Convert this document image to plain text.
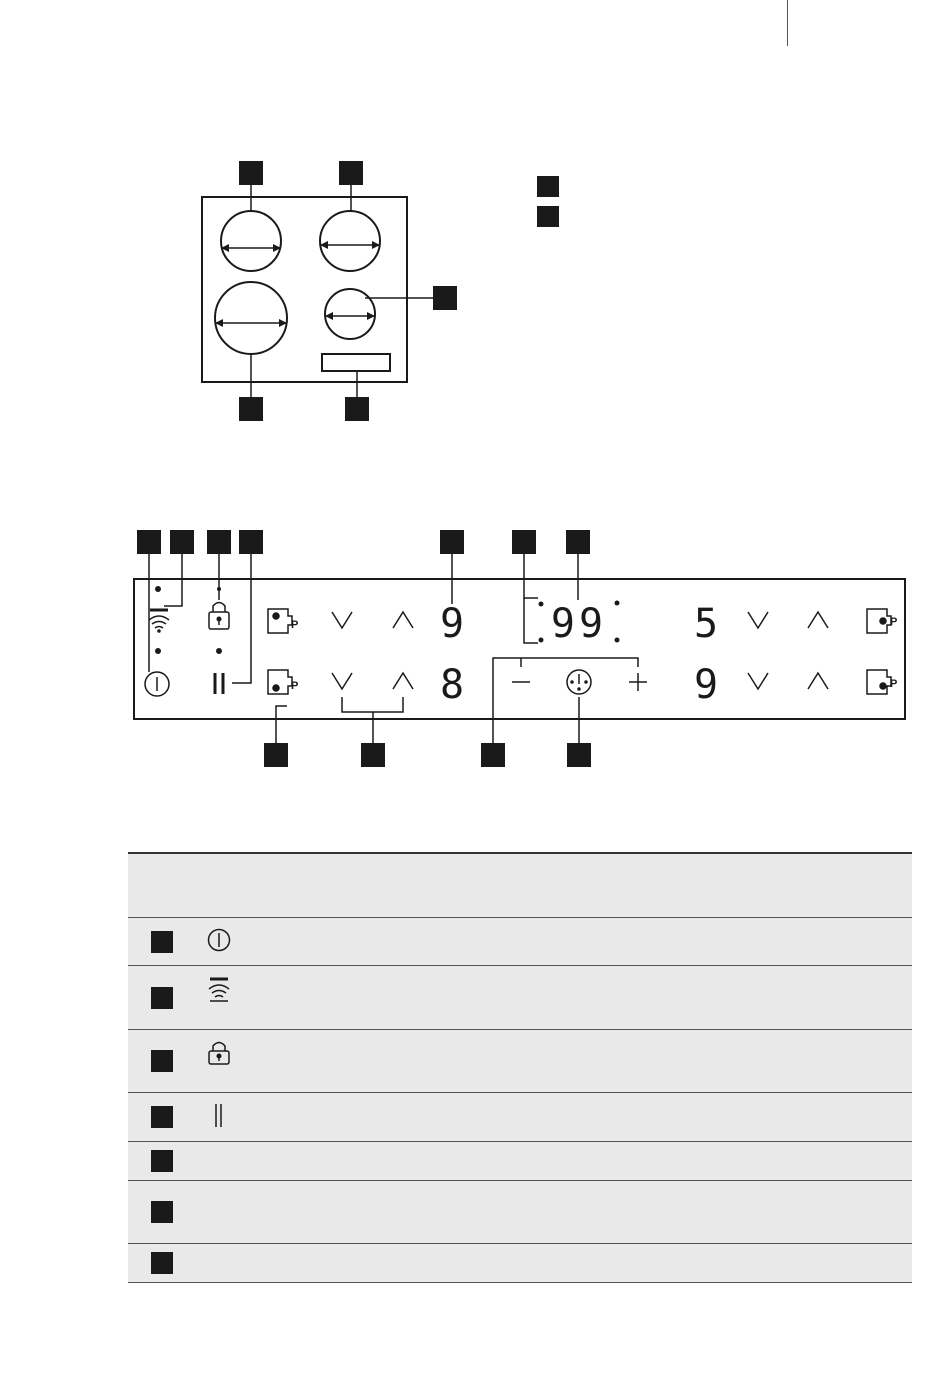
P
P
P
P
9
8
99 5
9
